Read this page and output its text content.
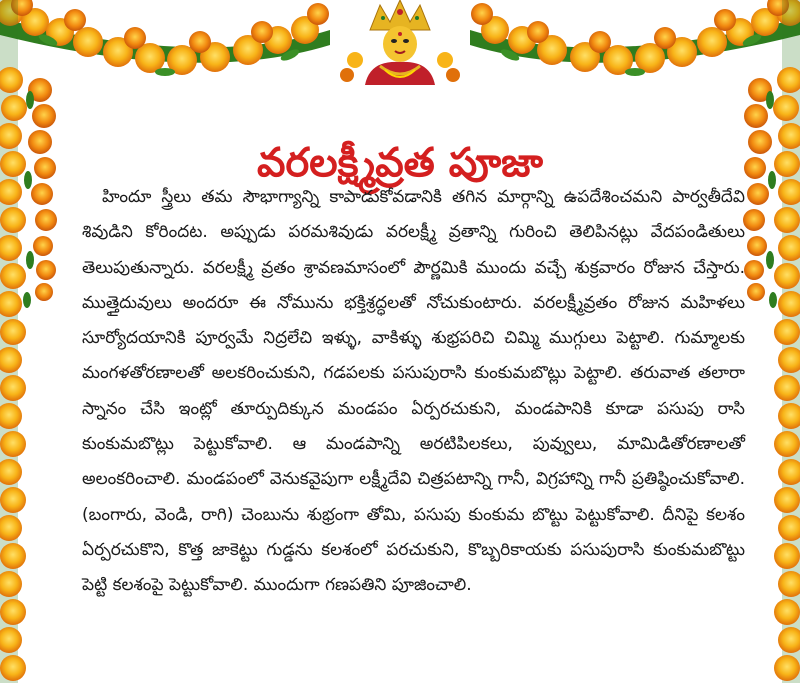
వరలక్ష్మీవ్రత పూజా

హిందూ స్త్రీలు తమ సౌభాగ్యాన్ని కాపాడుకోవడానికి తగిన మార్గాన్ని ఉపదేశించమని పార్వతీదేవి శివుడిని కోరిందట. అప్పుడు పరమశివుడు వరలక్ష్మీ వ్రతాన్ని గురించి తెలిపినట్లు వేదపండితులు తెలుపుతున్నారు. వరలక్ష్మీ వ్రతం శ్రావణమాసంలో పౌర్ణమికి ముందు వచ్చే శుక్రవారం రోజున చేస్తారు. ముత్తైదువులు అందరూ ఈ నోమును భక్తిశ్రద్ధలతో నోచుకుంటారు. వరలక్ష్మీవ్రతం రోజున మహిళలు సూర్యోదయానికి పూర్వమే నిద్రలేచి ఇళ్ళు, వాకిళ్ళు శుభ్రపరిచి చిమ్మి ముగ్గులు పెట్టాలి. గుమ్మాలకు మంగళతోరణాలతో అలకరించుకుని, గడపలకు పసుపురాసి కుంకుమబొట్లు పెట్టాలి. తరువాత తలారా స్నానం చేసి ఇంట్లో తూర్పుదిక్కున మండపం ఏర్పరచుకుని, మండపానికి కూడా పసుపు రాసి కుంకుమబొట్లు పెట్టుకోవాలి. ఆ మండపాన్ని అరటిపిలకలు, పువ్వులు, మామిడితోరణాలతో అలంకరించాలి. మండపంలో వెనుకవైపుగా లక్ష్మీదేవి చిత్రపటాన్ని గానీ, విగ్రహాన్ని గానీ ప్రతిష్ఠించుకోవాలి. (బంగారు, వెండి, రాగి) చెంబును శుభ్రంగా తోమి, పసుపు కుంకుమ బొట్టు పెట్టుకోవాలి. దీనిపై కలశం ఏర్పరచుకొని, కొత్త జాకెట్టు గుడ్డను కలశంలో పరచుకుని, కొబ్బరికాయకు పసుపురాసి కుంకుమబొట్టు పెట్టి కలశంపై పెట్టుకోవాలి. ముందుగా గణపతిని పూజించాలి.
